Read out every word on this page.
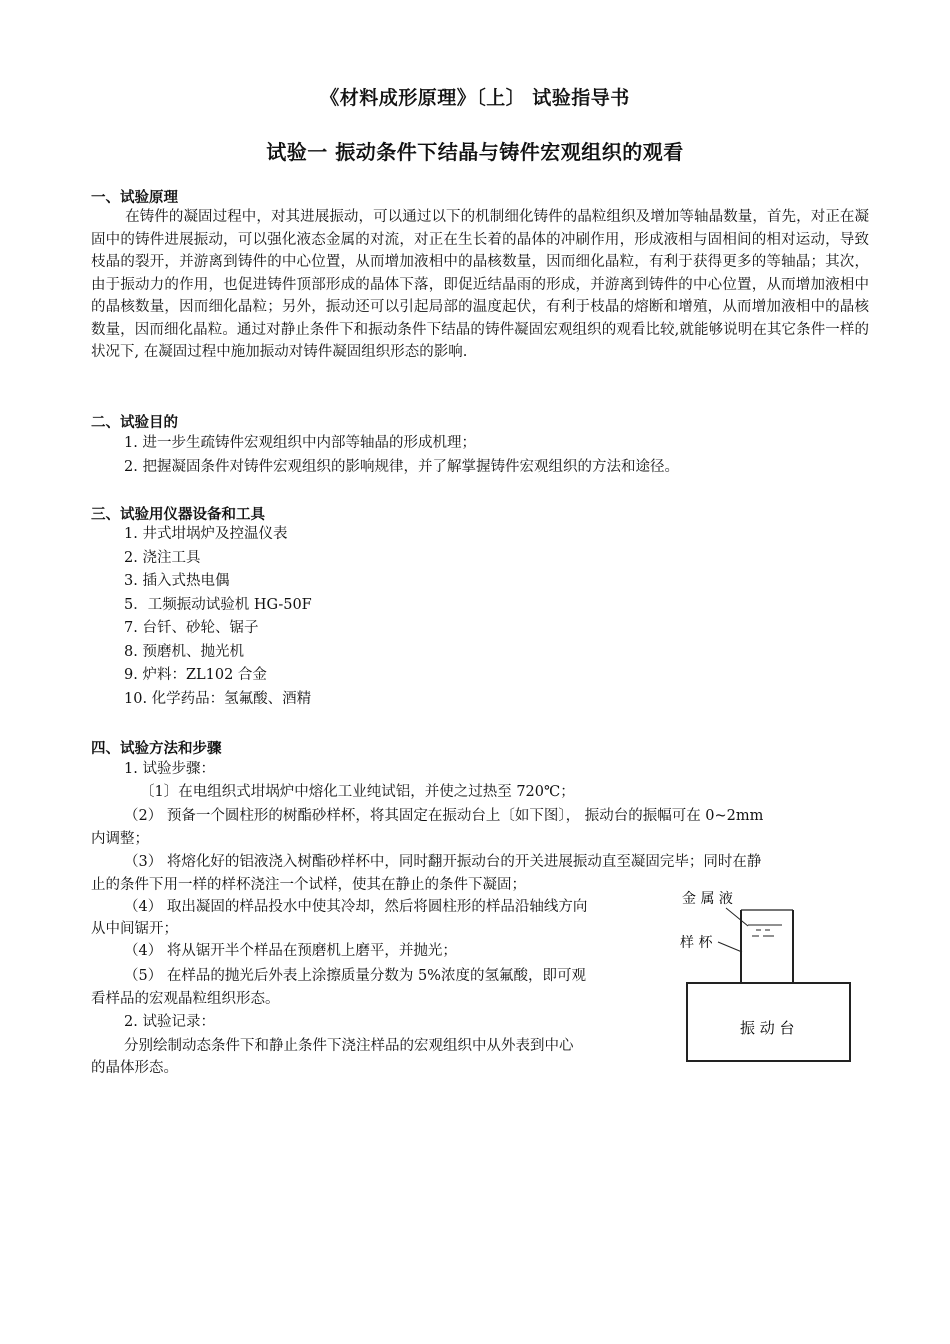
《材料成形原理》〔上〕 试验指导书
试验一 振动条件下结晶与铸件宏观组织的观看
一、试验原理
在铸件的凝固过程中，对其进展振动，可以通过以下的机制细化铸件的晶粒组织及增加等轴晶数量，首先，对正在凝固中的铸件进展振动，可以强化液态金属的对流，对正在生长着的晶体的冲刷作用，形成液相与固相间的相对运动，导致枝晶的裂开，并游离到铸件的中心位置，从而增加液相中的晶核数量，因而细化晶粒，有利于获得更多的等轴晶；其次，由于振动力的作用，也促进铸件顶部形成的晶体下落，即促近结晶雨的形成，并游离到铸件的中心位置，从而增加液相中的晶核数量，因而细化晶粒；另外，振动还可以引起局部的温度起伏，有利于枝晶的熔断和增殖，从而增加液相中的晶核数量，因而细化晶粒。通过对静止条件下和振动条件下结晶的铸件凝固宏观组织的观看比较,就能够说明在其它条件一样的状况下, 在凝固过程中施加振动对铸件凝固组织形态的影响.
二、试验目的
1. 进一步生疏铸件宏观组织中内部等轴晶的形成机理；
2. 把握凝固条件对铸件宏观组织的影响规律，并了解掌握铸件宏观组织的方法和途径。
三、试验用仪器设备和工具
1. 井式坩埚炉及控温仪表
2. 浇注工具
3. 插入式热电偶
5．工频振动试验机 HG-50F
7. 台钎、砂轮、锯子
8. 预磨机、抛光机
9. 炉料：ZL102 合金
10. 化学药品：氢氟酸、酒精
四、试验方法和步骤
1. 试验步骤：
〔1〕在电组织式坩埚炉中熔化工业纯试铝，并使之过热至 720℃；
（2） 预备一个圆柱形的树酯砂样杯，将其固定在振动台上〔如下图〕， 振动台的振幅可在 0~2mm
内调整；
（3） 将熔化好的铝液浇入树酯砂样杯中，同时翻开振动台的开关进展振动直至凝固完毕；同时在静
止的条件下用一样的样杯浇注一个试样，使其在静止的条件下凝固；
（4） 取出凝固的样品投水中使其冷却，然后将圆柱形的样品沿轴线方向
从中间锯开；
（4） 将从锯开半个样品在预磨机上磨平，并抛光；
（5） 在样品的抛光后外表上涂擦质量分数为 5%浓度的氢氟酸，即可观
看样品的宏观晶粒组织形态。
2. 试验记录：
分别绘制动态条件下和静止条件下浇注样品的宏观组织中从外表到中心
的晶体形态。
金 属 液
样 杯
振 动 台
